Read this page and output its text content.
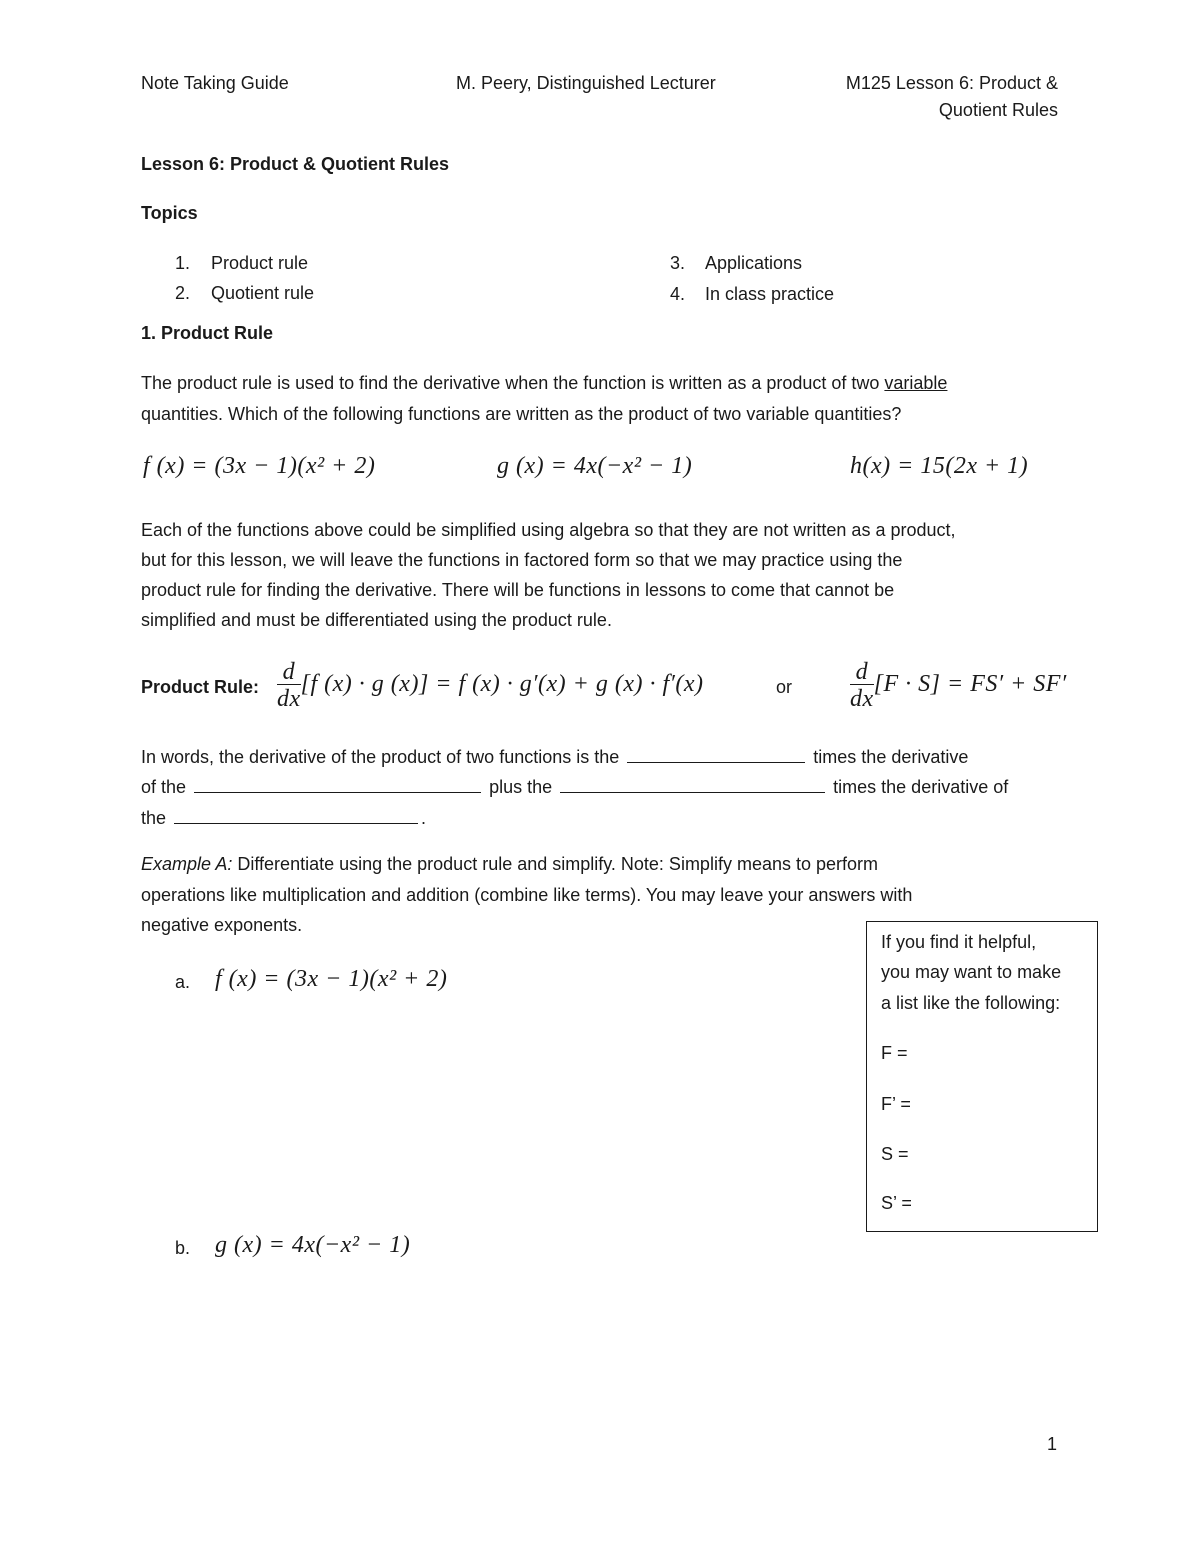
Note Taking Guide	M. Peery, Distinguished Lecturer	M125 Lesson 6: Product &
Quotient Rules
Lesson 6: Product & Quotient Rules
Topics
1. Product rule
2. Quotient rule
3. Applications
4. In class practice
1. Product Rule
The product rule is used to find the derivative when the function is written as a product of two variable
quantities. Which of the following functions are written as the product of two variable quantities?
f (x) = (3x − 1)(x² + 2)	g (x) = 4x(−x² − 1)	h(x) = 15(2x + 1)
Each of the functions above could be simplified using algebra so that they are not written as a product,
but for this lesson, we will leave the functions in factored form so that we may practice using the
product rule for finding the derivative. There will be functions in lessons to come that cannot be
simplified and must be differentiated using the product rule.
Product Rule: $\frac{d}{dx} [f$ (x) · g (x)] = f (x) · g′(x) + g (x) · f′(x)	or $\frac{d}{dx} [F \cdot S] = FS' + SF'$
In words, the derivative of the product of two functions is the	times the derivative
of the	plus the	times the derivative of
the	.
Example A: Differentiate using the product rule and simplify. Note: Simplify means to perform
operations like multiplication and addition (combine like terms). You may leave your answers with
negative exponents.
a. f (x) = (3x − 1)(x² + 2)
b. g (x) = 4x(−x² − 1)
If you find it helpful,
you may want to make
a list like the following:
F =
F’ =
S =
S’ =
1
